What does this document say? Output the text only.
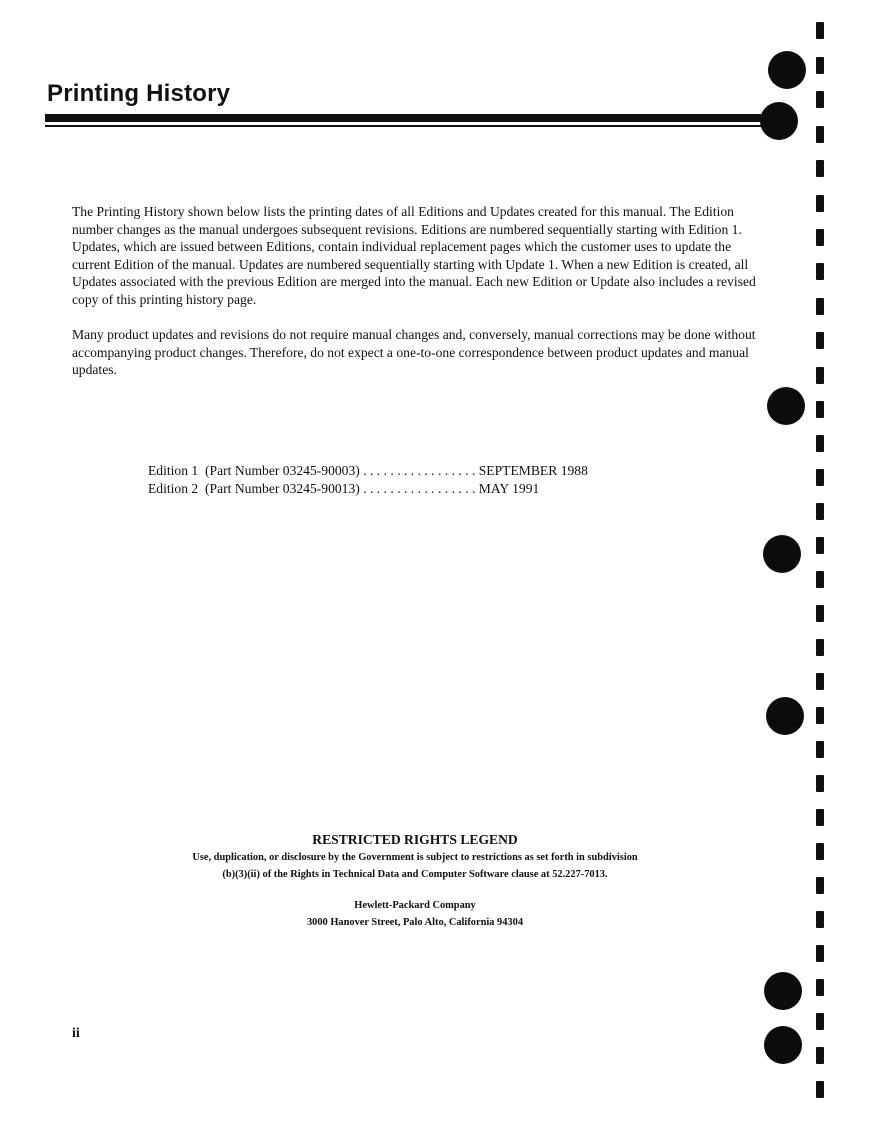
Printing History

The Printing History shown below lists the printing dates of all Editions and Updates created for this manual. The Edition number changes as the manual undergoes subsequent revisions. Editions are numbered sequentially starting with Edition 1. Updates, which are issued between Editions, contain individual replacement pages which the customer uses to update the current Edition of the manual. Updates are numbered sequentially starting with Update 1. When a new Edition is created, all Updates associated with the previous Edition are merged into the manual. Each new Edition or Update also includes a revised copy of this printing history page.

Many product updates and revisions do not require manual changes and, conversely, manual corrections may be done without accompanying product changes. Therefore, do not expect a one-to-one correspondence between product updates and manual updates.

Edition 1  (Part Number 03245-90003) . . . . . . . . . . . . . . . . . SEPTEMBER 1988
Edition 2  (Part Number 03245-90013) . . . . . . . . . . . . . . . . . MAY 1991

RESTRICTED RIGHTS LEGEND

Use, duplication, or disclosure by the Government is subject to restrictions as set forth in subdivision
(b)(3)(ii) of the Rights in Technical Data and Computer Software clause at 52.227-7013.
Hewlett-Packard Company
3000 Hanover Street, Palo Alto, California 94304
ii
